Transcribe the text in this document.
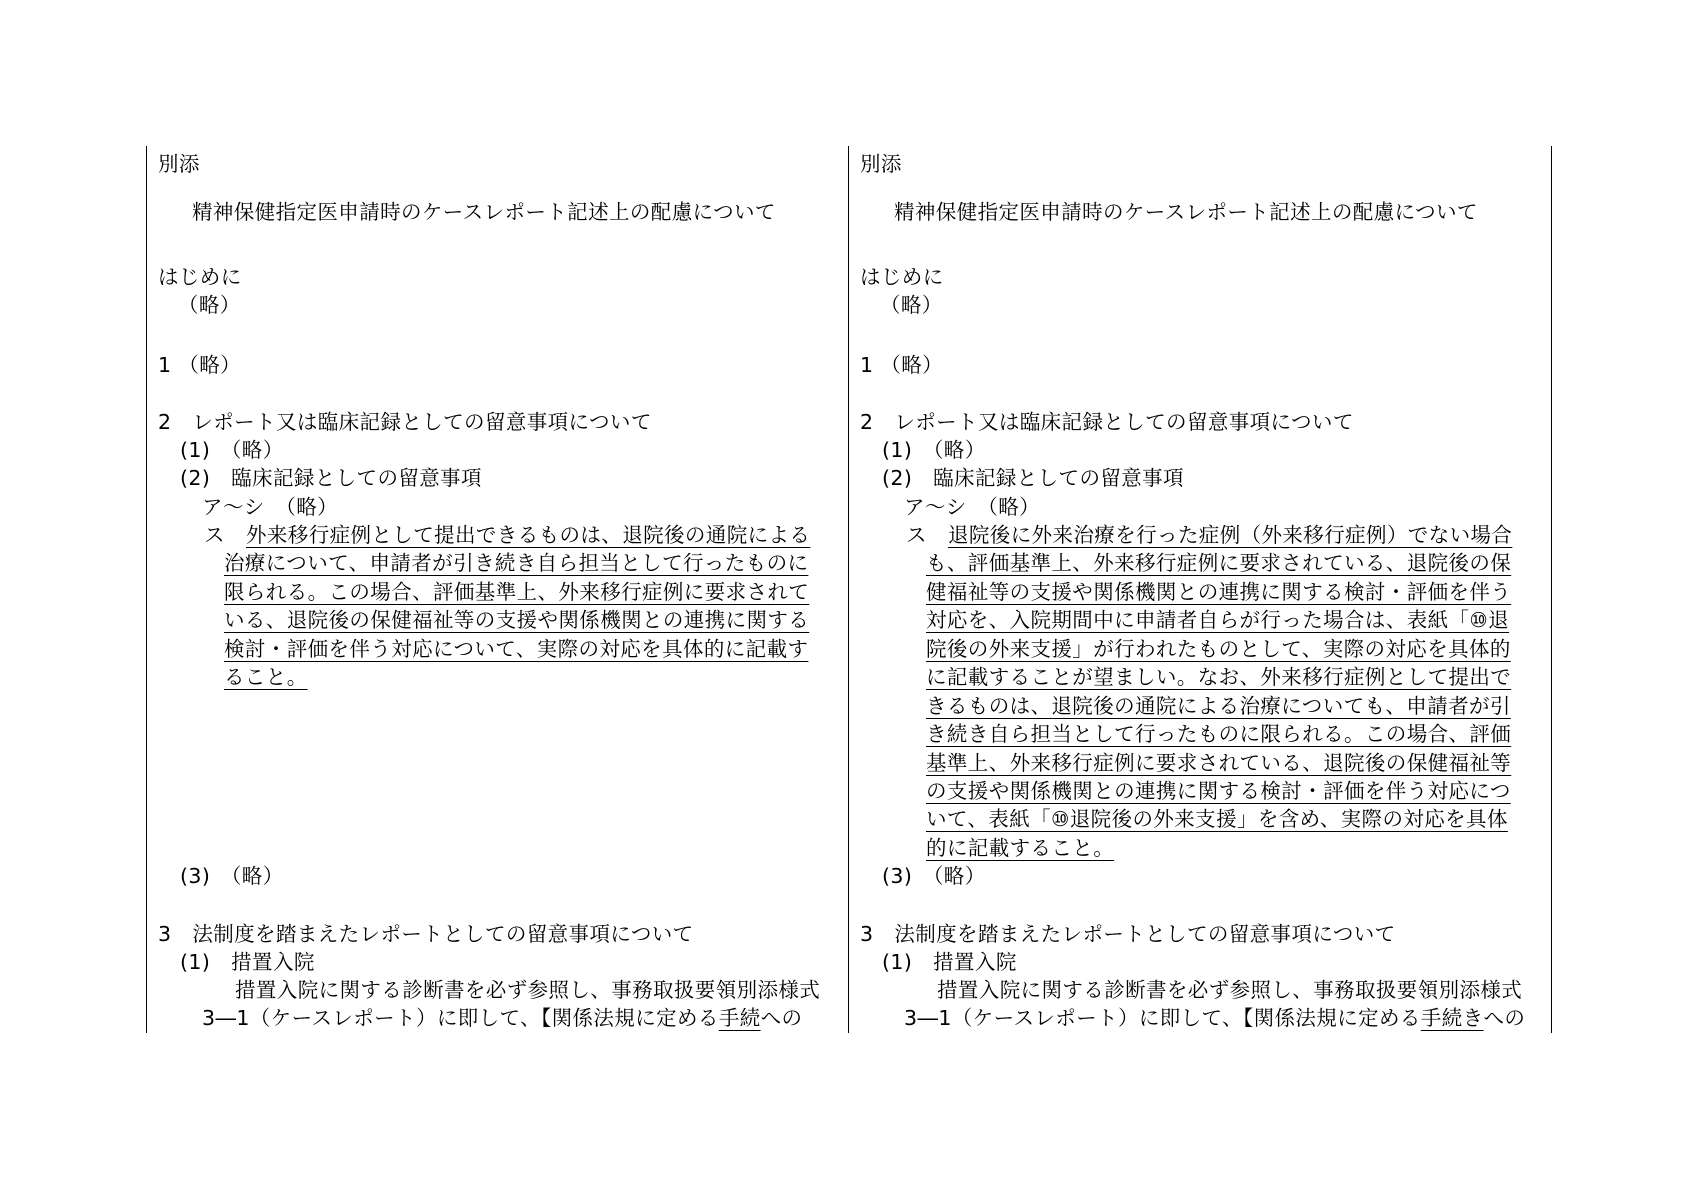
別添
精神保健指定医申請時のケースレポート記述上の配慮について
はじめに
（略）
1 （略）
2　レポート又は臨床記録としての留意事項について
(1)　（略）
(2)　臨床記録としての留意事項
ア～シ　（略）
ス 外来移行症例として提出できるものは、退院後の通院による
治療について、申請者が引き続き自ら担当として行ったものに
限られる。この場合、評価基準上、外来移行症例に要求されて
いる、退院後の保健福祉等の支援や関係機関との連携に関する
検討・評価を伴う対応について、実際の対応を具体的に記載す
ること。
(3)　（略）
3　法制度を踏まえたレポートとしての留意事項について
(1)　措置入院
措置入院に関する診断書を必ず参照し、事務取扱要領別添様式
3―1（ケースレポート）に即して、【関係法規に定める手続への
別添
精神保健指定医申請時のケースレポート記述上の配慮について
はじめに
（略）
1 （略）
2　レポート又は臨床記録としての留意事項について
(1)　（略）
(2)　臨床記録としての留意事項
ア～シ　（略）
ス 退院後に外来治療を行った症例（外来移行症例）でない場合
も、評価基準上、外来移行症例に要求されている、退院後の保
健福祉等の支援や関係機関との連携に関する検討・評価を伴う
対応を、入院期間中に申請者自らが行った場合は、表紙「⑩退
院後の外来支援」が行われたものとして、実際の対応を具体的
に記載することが望ましい。なお、外来移行症例として提出で
きるものは、退院後の通院による治療についても、申請者が引
き続き自ら担当として行ったものに限られる。この場合、評価
基準上、外来移行症例に要求されている、退院後の保健福祉等
の支援や関係機関との連携に関する検討・評価を伴う対応につ
いて、表紙「⑩退院後の外来支援」を含め、実際の対応を具体
的に記載すること。
(3)　（略）
3　法制度を踏まえたレポートとしての留意事項について
(1)　措置入院
措置入院に関する診断書を必ず参照し、事務取扱要領別添様式
3―1（ケースレポート）に即して、【関係法規に定める手続きへの
